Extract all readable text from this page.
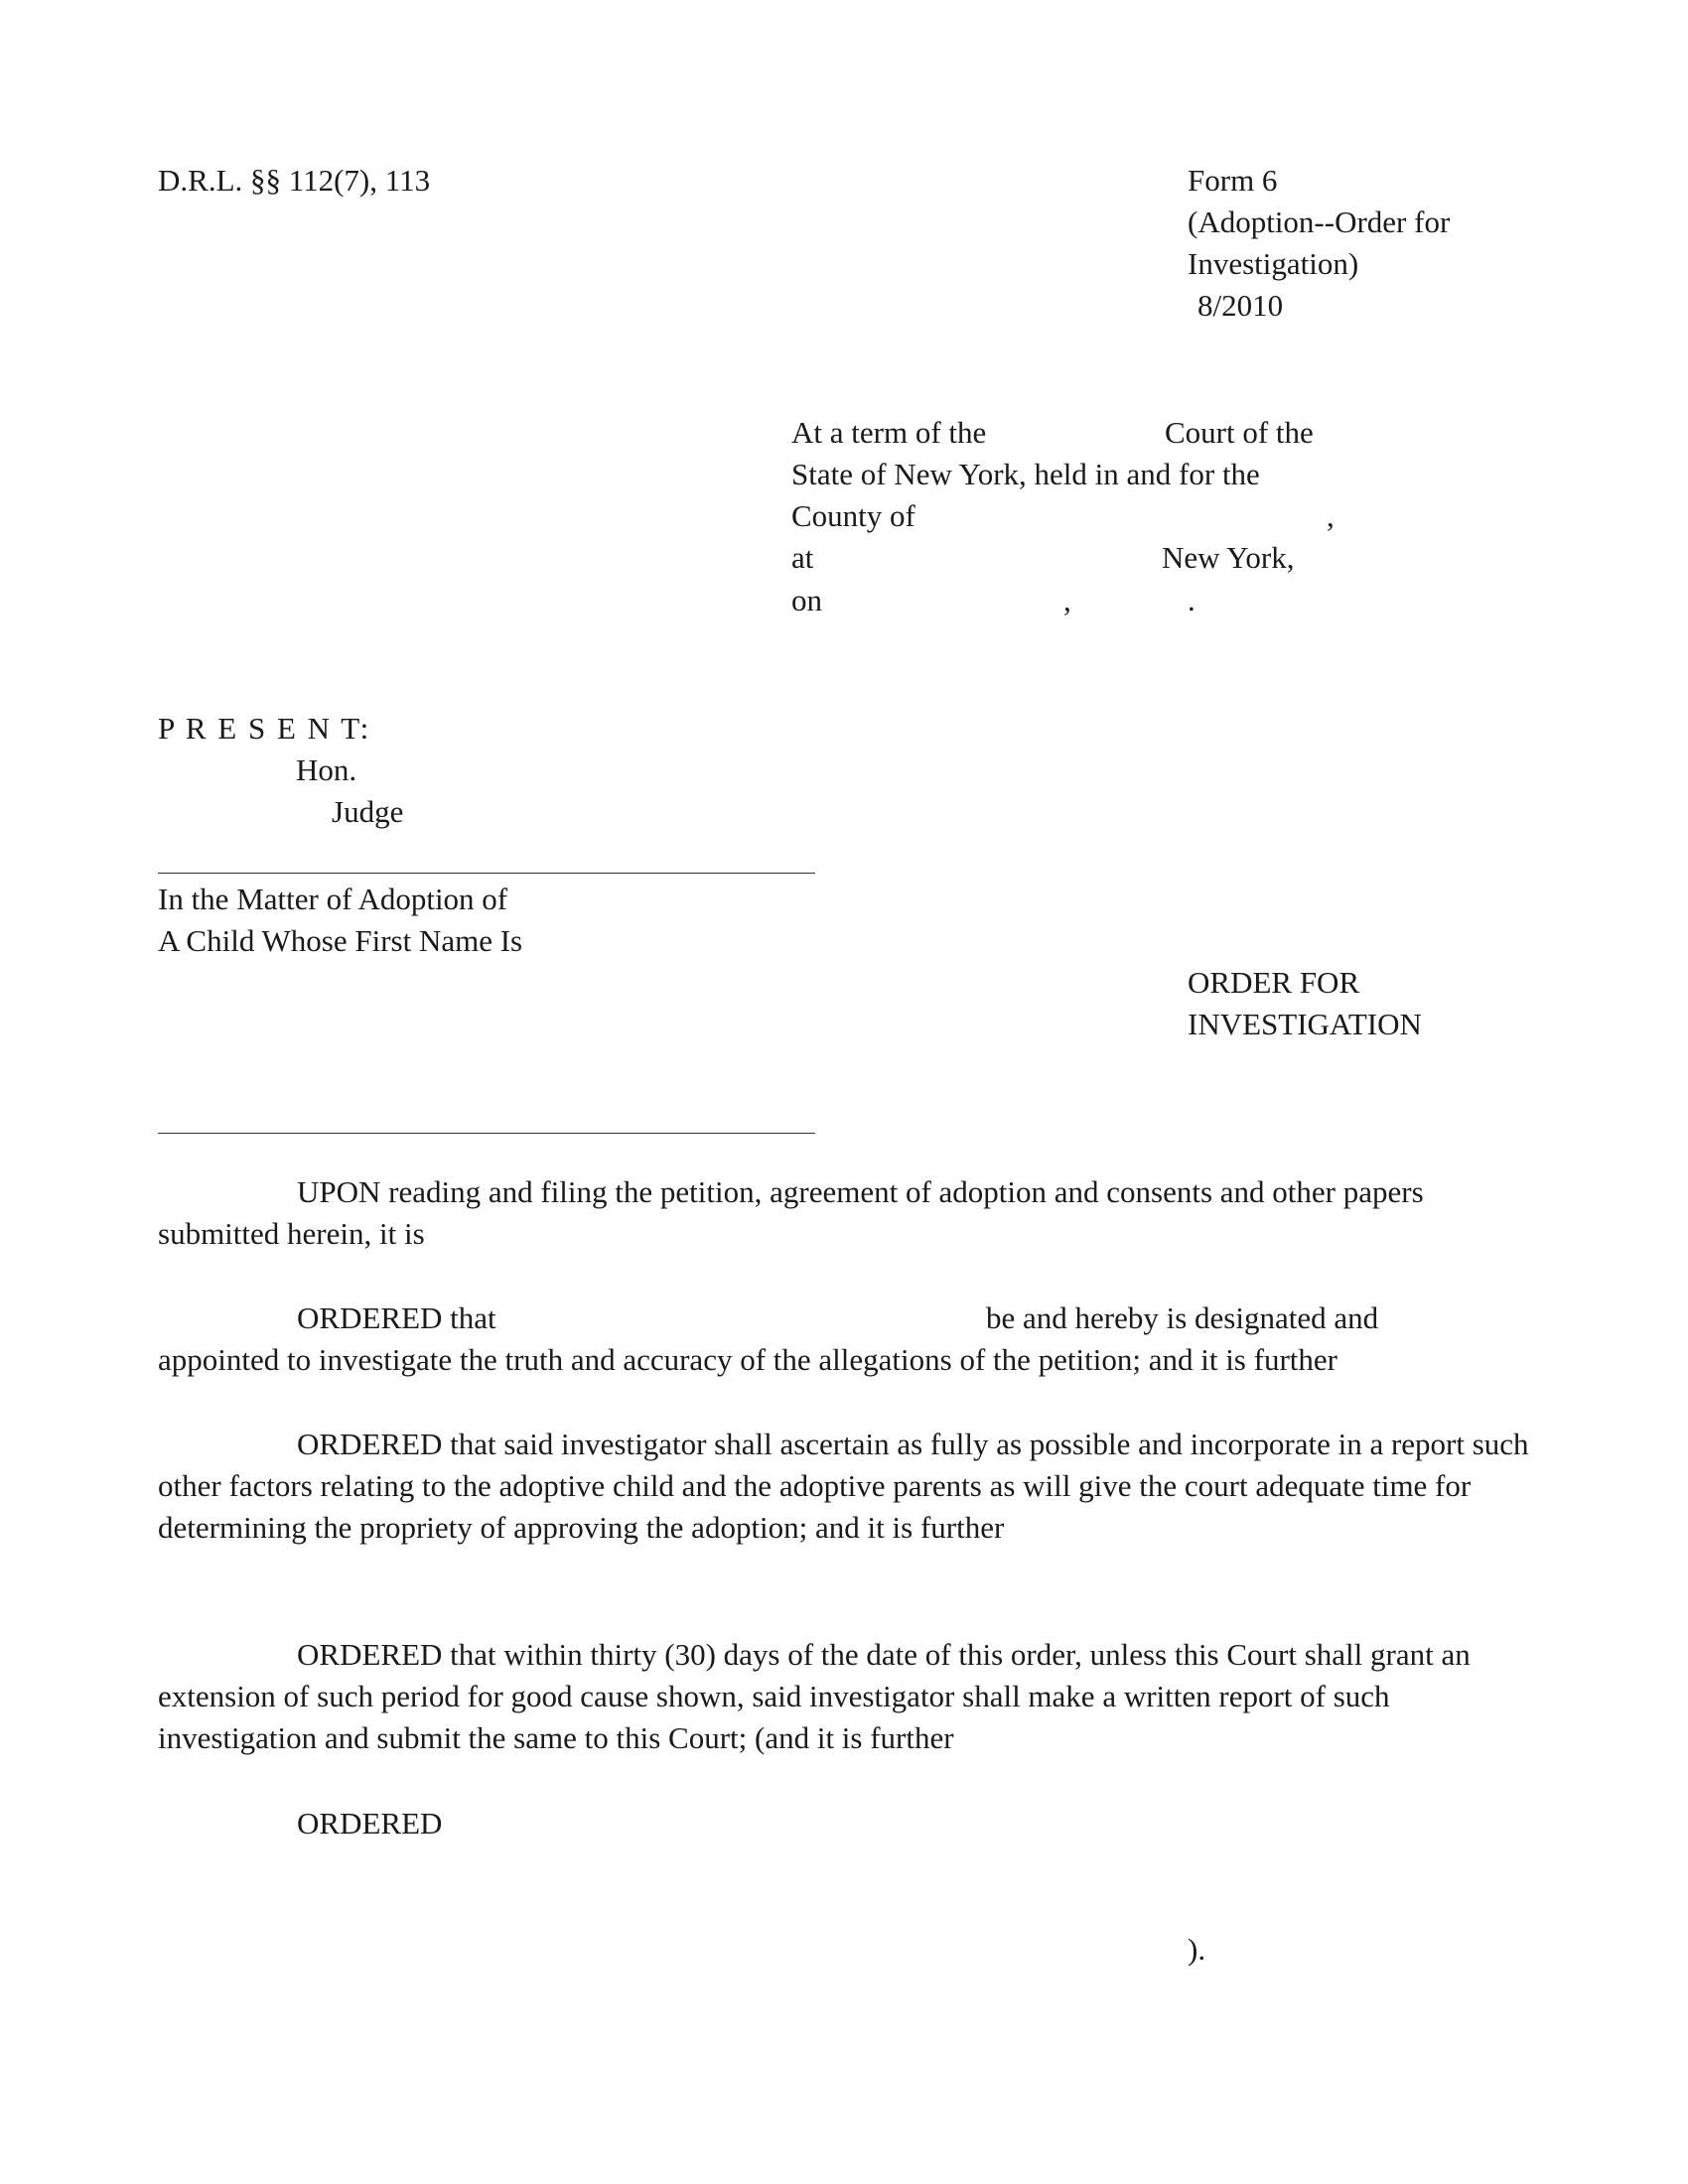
D.R.L. §§ 112(7), 113	Form 6
(Adoption--Order for
Investigation)
8/2010
At a term of the	Court of the
State of New York, held in and for the
County of	,
at	New York,
on	,	.
P R E S E N T:
Hon.
Judge
In the Matter of Adoption of
A Child Whose First Name Is
ORDER FOR
INVESTIGATION
UPON reading and filing the petition, agreement of adoption and consents and other papers submitted herein, it is
ORDERED that	be and hereby is designated and
appointed to investigate the truth and accuracy of the allegations of the petition; and it is further
ORDERED that said investigator shall ascertain as fully as possible and incorporate in a report such other factors relating to the adoptive child and the adoptive parents as will give the court adequate time for determining the propriety of approving the adoption; and it is further
ORDERED that within thirty (30) days of the date of this order, unless this Court shall grant an extension of such period for good cause shown, said investigator shall make a written report of such investigation and submit the same to this Court; (and it is further
ORDERED
).
